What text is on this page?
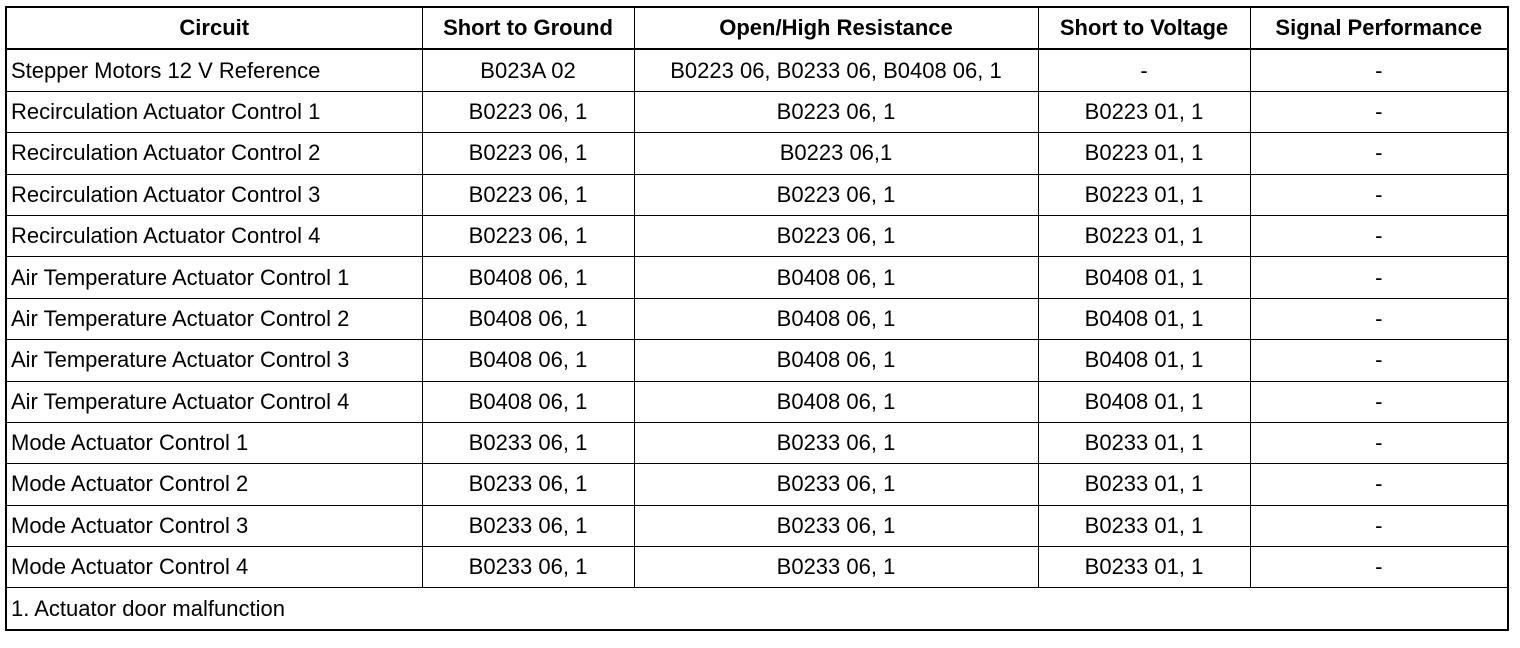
Circuit	Short to Ground	Open/High Resistance	Short to Voltage	Signal Performance
Stepper Motors 12 V Reference	B023A 02	B0223 06, B0233 06, B0408 06, 1	-	-
Recirculation Actuator Control 1	B0223 06, 1	B0223 06, 1	B0223 01, 1	-
Recirculation Actuator Control 2	B0223 06, 1	B0223 06,1	B0223 01, 1	-
Recirculation Actuator Control 3	B0223 06, 1	B0223 06, 1	B0223 01, 1	-
Recirculation Actuator Control 4	B0223 06, 1	B0223 06, 1	B0223 01, 1	-
Air Temperature Actuator Control 1	B0408 06, 1	B0408 06, 1	B0408 01, 1	-
Air Temperature Actuator Control 2	B0408 06, 1	B0408 06, 1	B0408 01, 1	-
Air Temperature Actuator Control 3	B0408 06, 1	B0408 06, 1	B0408 01, 1	-
Air Temperature Actuator Control 4	B0408 06, 1	B0408 06, 1	B0408 01, 1	-
Mode Actuator Control 1	B0233 06, 1	B0233 06, 1	B0233 01, 1	-
Mode Actuator Control 2	B0233 06, 1	B0233 06, 1	B0233 01, 1	-
Mode Actuator Control 3	B0233 06, 1	B0233 06, 1	B0233 01, 1	-
Mode Actuator Control 4	B0233 06, 1	B0233 06, 1	B0233 01, 1	-
1. Actuator door malfunction				
